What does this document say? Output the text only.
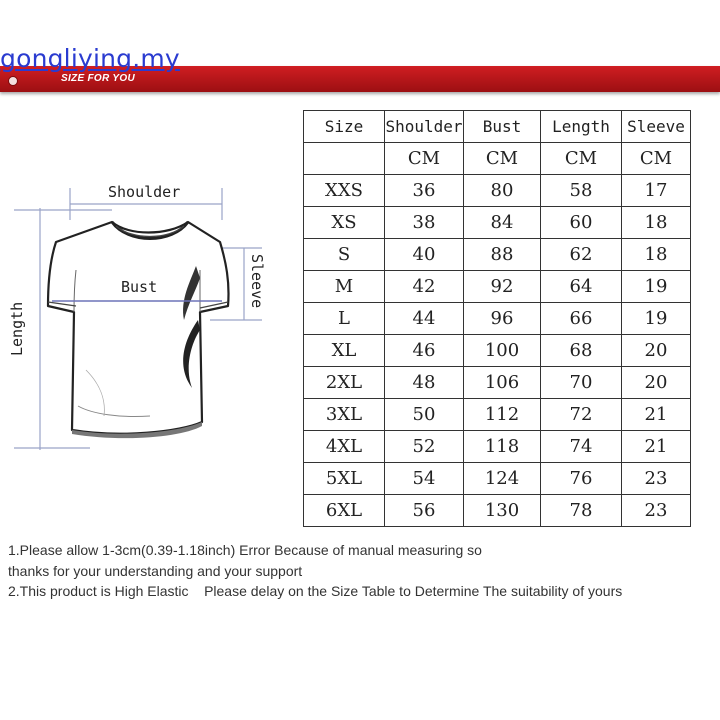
gongliying.my
SIZE FOR YOU
Shoulder
Bust
Length
Sleeve
Size	Shoulder	Bust	Length	Sleeve
	CM	CM	CM	CM
XXS	36	80	58	17
XS	38	84	60	18
S	40	88	62	18
M	42	92	64	19
L	44	96	66	19
XL	46	100	68	20
2XL	48	106	70	20
3XL	50	112	72	21
4XL	52	118	74	21
5XL	54	124	76	23
6XL	56	130	78	23
1.Please allow 1-3cm(0.39-1.18inch) Error Because of manual measuring so
thanks for your understanding and your support
2.This product is High Elastic    Please delay on the Size Table to Determine The suitability of yours
